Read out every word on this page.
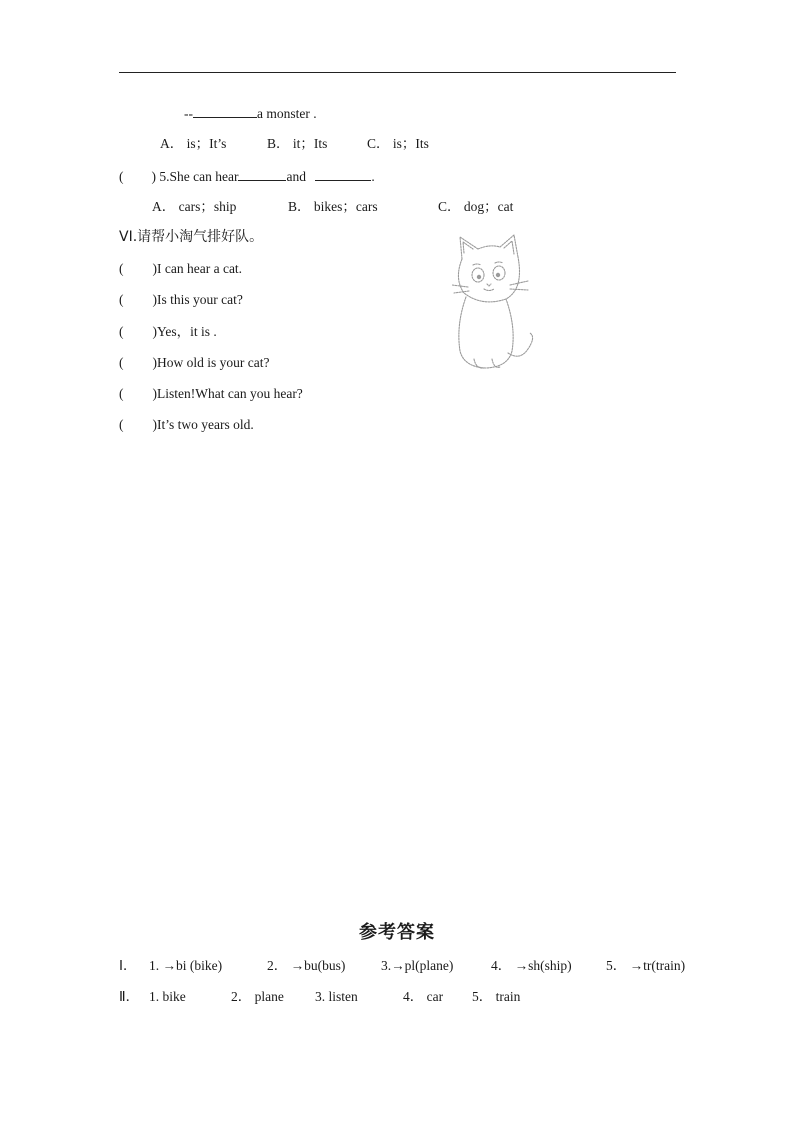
--	a monster .
A． is；It’s	B． it；Its	C． is；Its
( ) 5.She can hear	and	.
A． cars；ship	B． bikes；cars	C． dog；cat
VI.请帮小淘气排好队。
( ) I can hear a cat.
( ) Is this your cat?
( ) Yes，it is .
( ) How old is your cat?
( ) Listen!What can you hear?
( ) It’s two years old.
参考答案
Ⅰ． 1. →bi (bike)	2． →bu(bus)	3.→pl(plane)	4． →sh(ship)	5． →tr(train)
Ⅱ． 1. bike	2． plane 3. listen	4． car 5． train
